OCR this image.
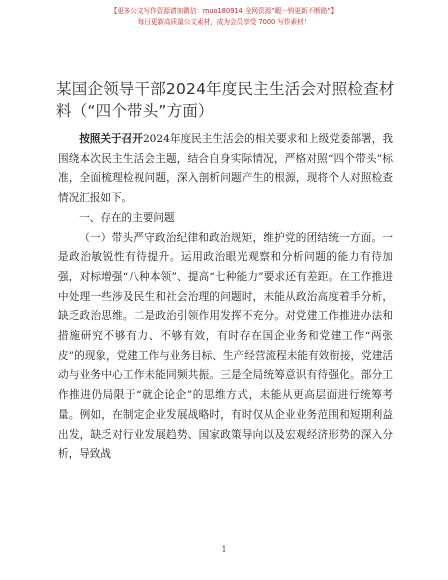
【更多公文写作资源请加微信：muo180914 全网资源“暇一钩更新不断路”】
每日更新高质量公文素材，成为会员享受 7000 写作素材！
某国企领导干部2024年度民主生活会对照检查材料（“四个带头”方面）

按照关于召开2024年度民主生活会的相关要求和上级党委部署，我围绕本次民主生活会主题，结合自身实际情况，严格对照“四个带头”标准，全面梳理检视问题，深入剖析问题产生的根源，现将个人对照检查情况汇报如下。

一、存在的主要问题

（一）带头严守政治纪律和政治规矩，维护党的团结统一方面。一是政治敏锐性有待提升。运用政治眼光观察和分析问题的能力有待加强，对标增强“八种本领”、提高“七种能力”要求还有差距。在工作推进中处理一些涉及民生和社会治理的问题时，未能从政治高度着手分析，缺乏政治思维。二是政治引领作用发挥不充分。对党建工作推进办法和措施研究不够有力、不够有效，有时存在国企业务和党建工作“两张皮”的现象，党建工作与业务目标、生产经营流程未能有效衔接，党建活动与业务中心工作未能同频共振。三是全局统筹意识有待强化。部分工作推进仍局限于“就企论企”的思维方式，未能从更高层面进行统筹考量。例如，在制定企业发展战略时，有时仅从企业业务范围和短期利益出发，缺乏对行业发展趋势、国家政策导向以及宏观经济形势的深入分析，导致战

1
